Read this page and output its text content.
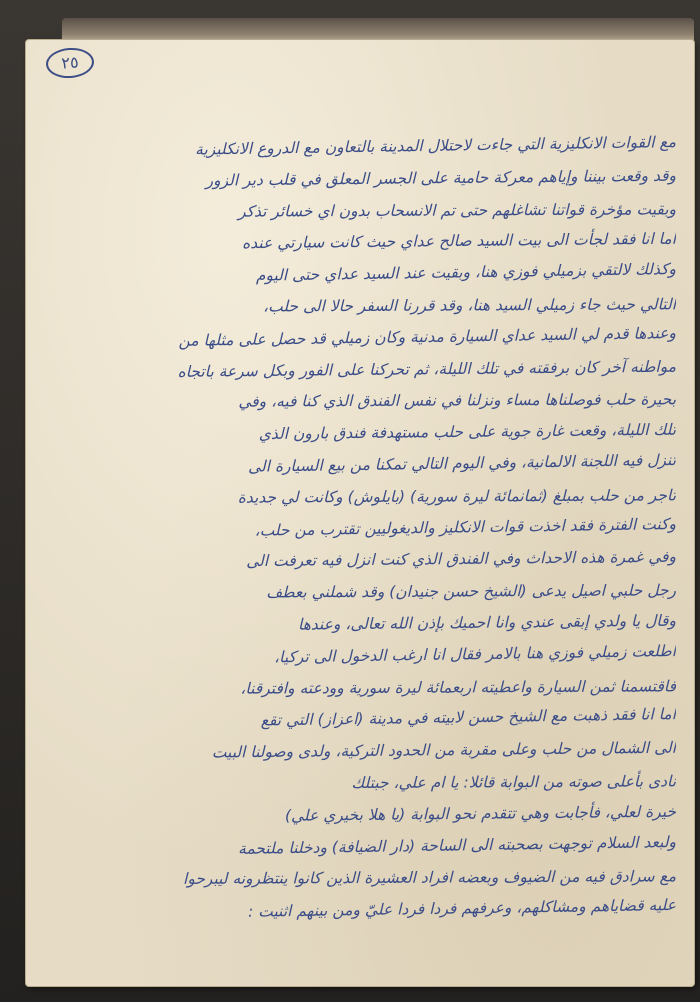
٢٥
مع القوات الانكليزية التي جاءت لاحتلال المدينة بالتعاون مع الدروع الانكليزية
وقد وقعت بيننا وإياهم معركة حامية على الجسر المعلق في قلب دير الزور
وبقيت مؤخرة قواتنا تشاغلهم حتى تم الانسحاب بدون اي خسائر تذكر
اما انا فقد لجأت الى بيت السيد صالح عداي حيث كانت سيارتي عنده
وكذلك لالتقي بزميلي فوزي هنا، وبقيت عند السيد عداي حتى اليوم
التالي حيث جاء زميلي السيد هنا، وقد قررنا السفر حالا الى حلب،
وعندها قدم لي السيد عداي السيارة مدنية وكان زميلي قد حصل على مثلها من
مواطنه آخر كان برفقته في تلك الليلة، ثم تحركنا على الفور وبكل سرعة باتجاه
بحيرة حلب فوصلناها مساء ونزلنا في نفس الفندق الذي كنا فيه، وفي
تلك الليلة، وقعت غارة جوية على حلب مستهدفة فندق بارون الذي
تنزل فيه اللجنة الالمانية، وفي اليوم التالي تمكنا من بيع السيارة الى
تاجر من حلب بمبلغ (ثمانمائة ليرة سورية) (بايلوش) وكانت لي جديدة
وكنت الفترة فقد اخذت قوات الانكليز والديغوليين تقترب من حلب،
وفي غمرة هذه الاحداث وفي الفندق الذي كنت انزل فيه تعرفت الى
رجل حلبي اصيل يدعى (الشيخ حسن جنيدان) وقد شملني بعطف
وقال يا ولدي إبقى عندي وانا احميك بإذن الله تعالى، وعندها
اطلعت زميلي فوزي هنا بالامر فقال انا ارغب الدخول الى تركيا،
فاقتسمنا ثمن السيارة واعطيته اربعمائة ليرة سورية وودعته وافترقنا،
اما انا فقد ذهبت مع الشيخ حسن لابيته في مدينة (اعزاز) التي تقع
الى الشمال من حلب وعلى مقربة من الحدود التركية، ولدى وصولنا البيت
نادى بأعلى صوته من البوابة قائلا: يا ام علي، جبتلك
خيرة لعلي، فأجابت وهي تتقدم نحو البوابة (يا هلا بخيري علي)
ولبعد السلام توجهت بصحبته الى الساحة (دار الضيافة) ودخلنا ملتحمة
مع سرادق فيه من الضيوف وبعضه افراد العشيرة الذين كانوا ينتظرونه ليبرحوا
عليه قضاياهم ومشاكلهم، وعرفهم فردا فردا عليّ ومن بينهم اثنيت :
